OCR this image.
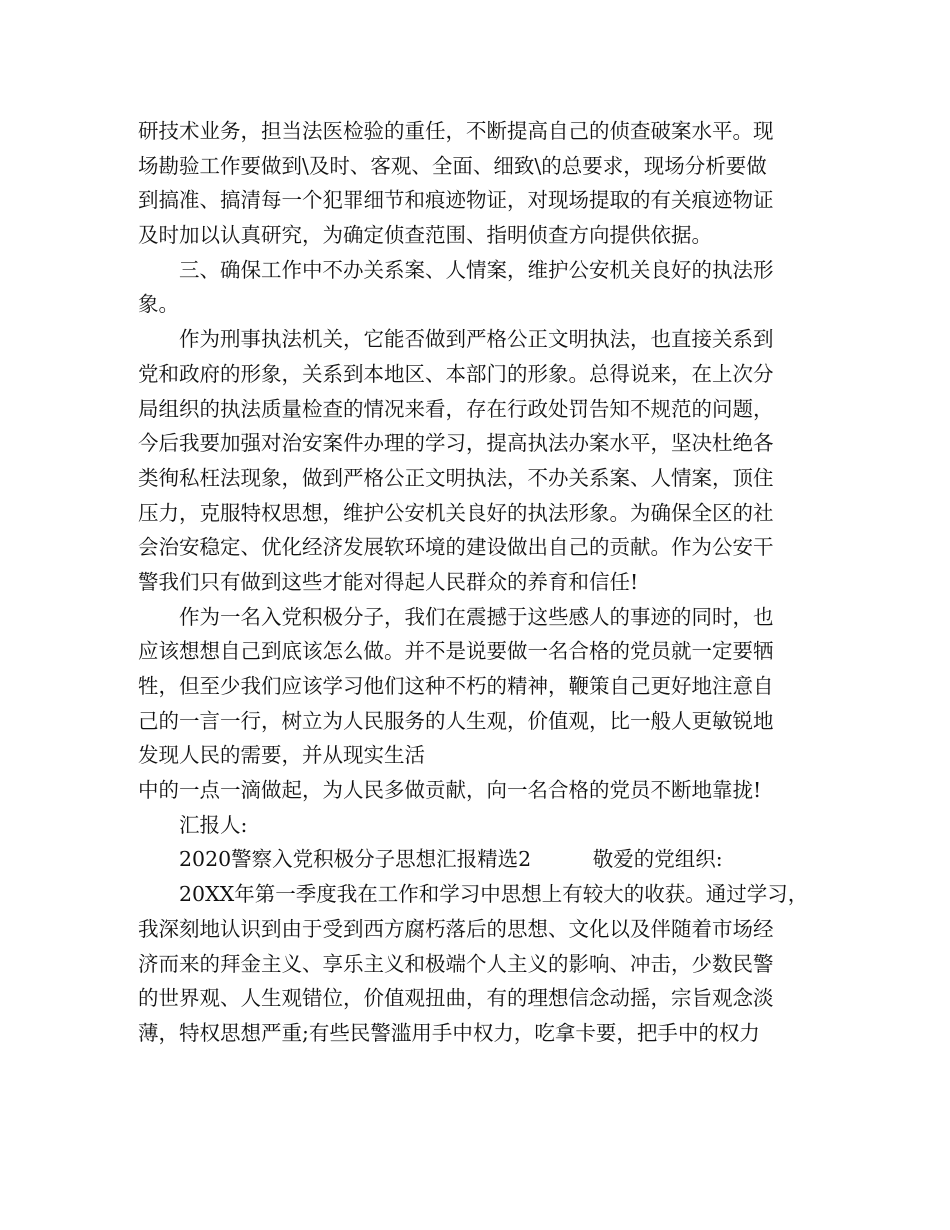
研技术业务，担当法医检验的重任，不断提高自己的侦查破案水平。现
场勘验工作要做到\及时、客观、全面、细致\的总要求，现场分析要做
到搞准、搞清每一个犯罪细节和痕迹物证，对现场提取的有关痕迹物证
及时加以认真研究，为确定侦查范围、指明侦查方向提供依据。
　　三、确保工作中不办关系案、人情案，维护公安机关良好的执法形
象。
　　作为刑事执法机关，它能否做到严格公正文明执法，也直接关系到
党和政府的形象，关系到本地区、本部门的形象。总得说来，在上次分
局组织的执法质量检查的情况来看，存在行政处罚告知不规范的问题，
今后我要加强对治安案件办理的学习，提高执法办案水平，坚决杜绝各
类徇私枉法现象，做到严格公正文明执法，不办关系案、人情案，顶住
压力，克服特权思想，维护公安机关良好的执法形象。为确保全区的社
会治安稳定、优化经济发展软环境的建设做出自己的贡献。作为公安干
警我们只有做到这些才能对得起人民群众的养育和信任!
　　作为一名入党积极分子，我们在震撼于这些感人的事迹的同时，也
应该想想自己到底该怎么做。并不是说要做一名合格的党员就一定要牺
牲，但至少我们应该学习他们这种不朽的精神，鞭策自己更好地注意自
己的一言一行，树立为人民服务的人生观，价值观，比一般人更敏锐地
发现人民的需要，并从现实生活
中的一点一滴做起，为人民多做贡献，向一名合格的党员不断地靠拢!
　　汇报人:
　　2020警察入党积极分子思想汇报精选2　　　敬爱的党组织:
　　20XX年第一季度我在工作和学习中思想上有较大的收获。通过学习，
我深刻地认识到由于受到西方腐朽落后的思想、文化以及伴随着市场经
济而来的拜金主义、享乐主义和极端个人主义的影响、冲击，少数民警
的世界观、人生观错位，价值观扭曲，有的理想信念动摇，宗旨观念淡
薄，特权思想严重;有些民警滥用手中权力，吃拿卡要，把手中的权力
